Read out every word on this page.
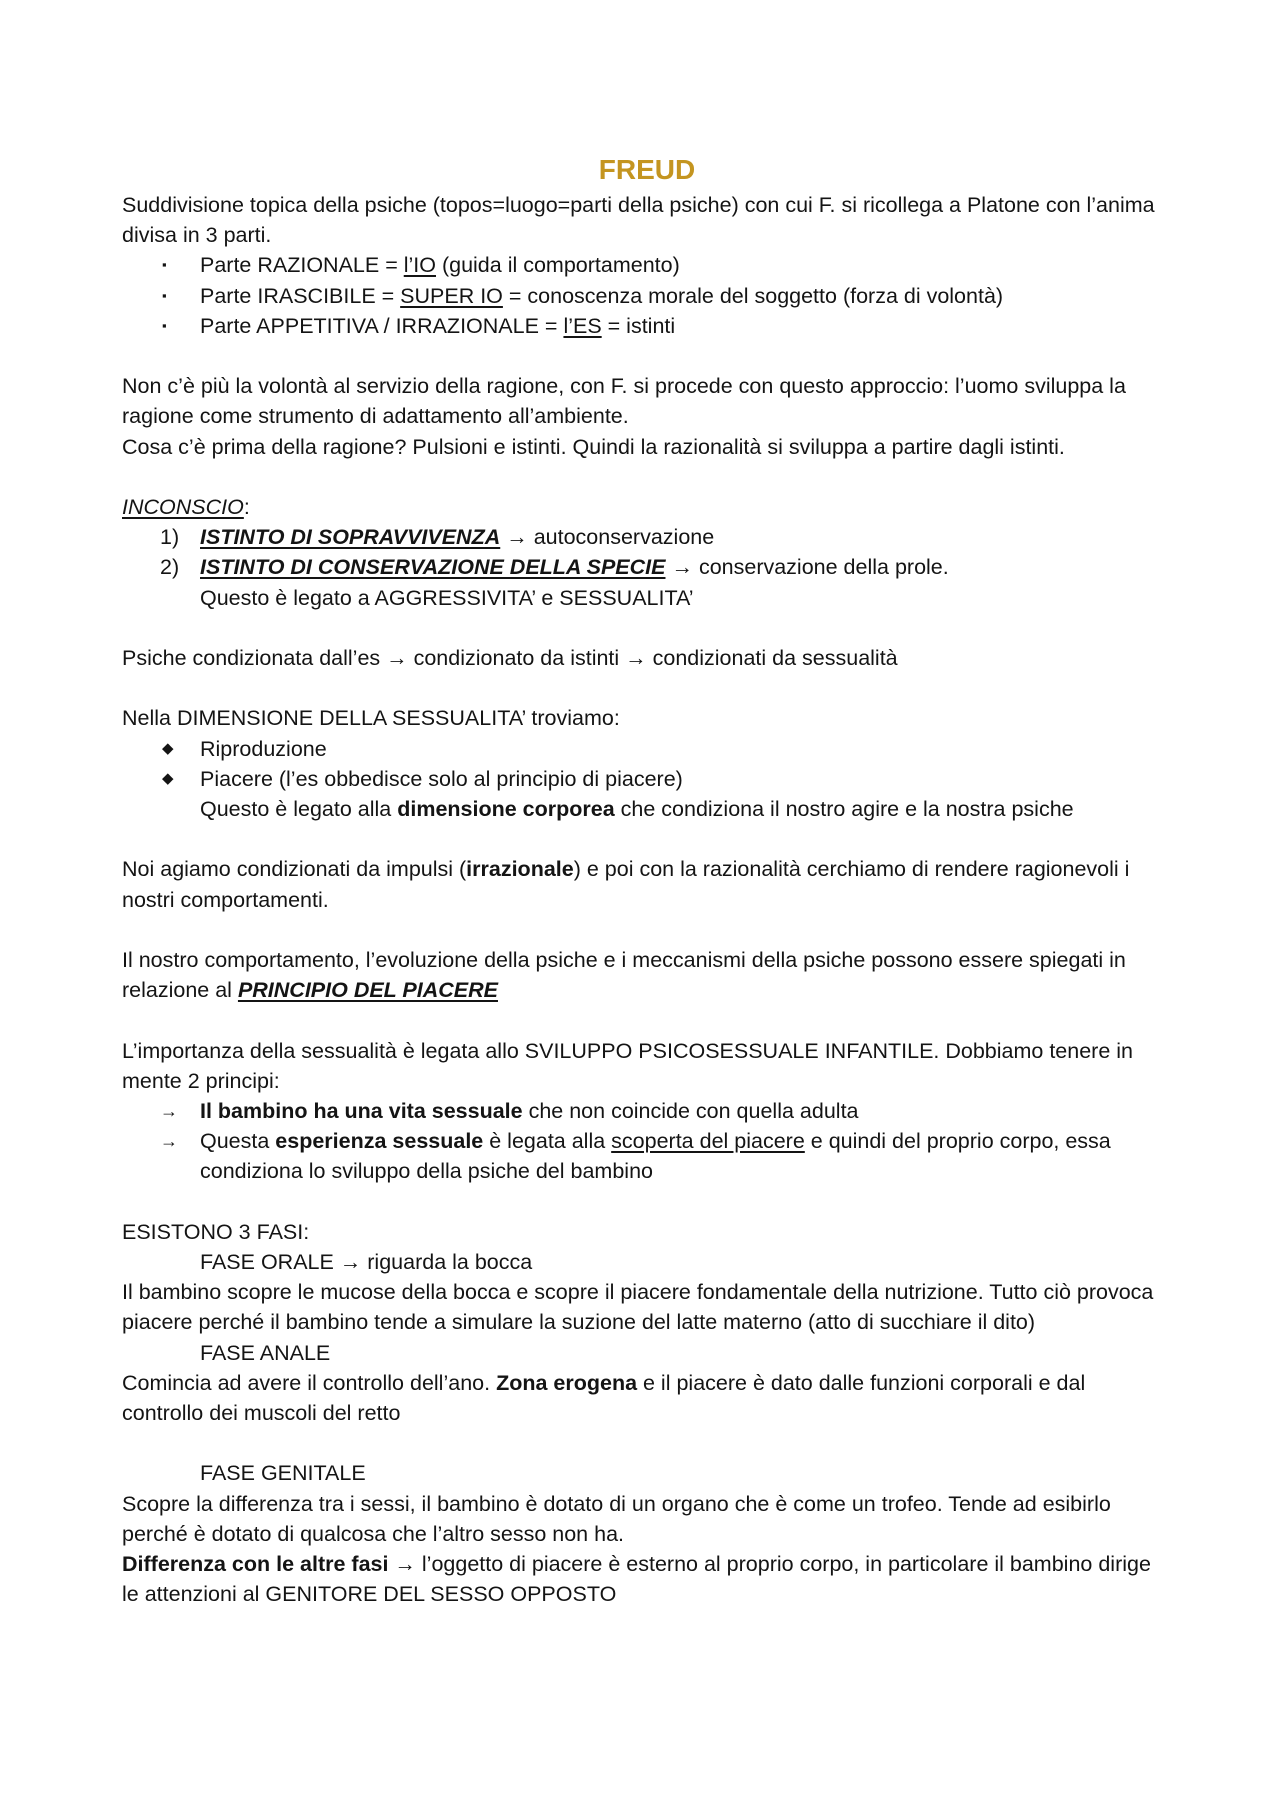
FREUD

Suddivisione topica della psiche (topos=luogo=parti della psiche) con cui F. si ricollega a Platone con l’anima divisa in 3 parti.

▪ Parte RAZIONALE = l’IO (guida il comportamento)
▪ Parte IRASCIBILE = SUPER IO = conoscenza morale del soggetto (forza di volontà)
▪ Parte APPETITIVA / IRRAZIONALE = l’ES = istinti

Non c’è più la volontà al servizio della ragione, con F. si procede con questo approccio: l’uomo sviluppa la ragione come strumento di adattamento all’ambiente.

Cosa c’è prima della ragione? Pulsioni e istinti. Quindi la razionalità si sviluppa a partire dagli istinti.

INCONSCIO:

1) ISTINTO DI SOPRAVVIVENZA → autoconservazione
2) ISTINTO DI CONSERVAZIONE DELLA SPECIE → conservazione della prole.

Questo è legato a AGGRESSIVITA’ e SESSUALITA’

Psiche condizionata dall’es → condizionato da istinti → condizionati da sessualità

Nella DIMENSIONE DELLA SESSUALITA’ troviamo:

◆ Riproduzione
◆ Piacere (l’es obbedisce solo al principio di piacere)

Questo è legato alla dimensione corporea che condiziona il nostro agire e la nostra psiche

Noi agiamo condizionati da impulsi (irrazionale) e poi con la razionalità cerchiamo di rendere ragionevoli i nostri comportamenti.

Il nostro comportamento, l’evoluzione della psiche e i meccanismi della psiche possono essere spiegati in relazione al PRINCIPIO DEL PIACERE

L’importanza della sessualità è legata allo SVILUPPO PSICOSESSUALE INFANTILE. Dobbiamo tenere in mente 2 principi:

→ Il bambino ha una vita sessuale che non coincide con quella adulta
→ Questa esperienza sessuale è legata alla scoperta del piacere e quindi del proprio corpo, essa condiziona lo sviluppo della psiche del bambino

ESISTONO 3 FASI:

FASE ORALE → riguarda la bocca

Il bambino scopre le mucose della bocca e scopre il piacere fondamentale della nutrizione. Tutto ciò provoca piacere perché il bambino tende a simulare la suzione del latte materno (atto di succhiare il dito)

FASE ANALE

Comincia ad avere il controllo dell’ano. Zona erogena e il piacere è dato dalle funzioni corporali e dal controllo dei muscoli del retto

FASE GENITALE

Scopre la differenza tra i sessi, il bambino è dotato di un organo che è come un trofeo. Tende ad esibirlo perché è dotato di qualcosa che l’altro sesso non ha.

Differenza con le altre fasi → l’oggetto di piacere è esterno al proprio corpo, in particolare il bambino dirige le attenzioni al GENITORE DEL SESSO OPPOSTO
